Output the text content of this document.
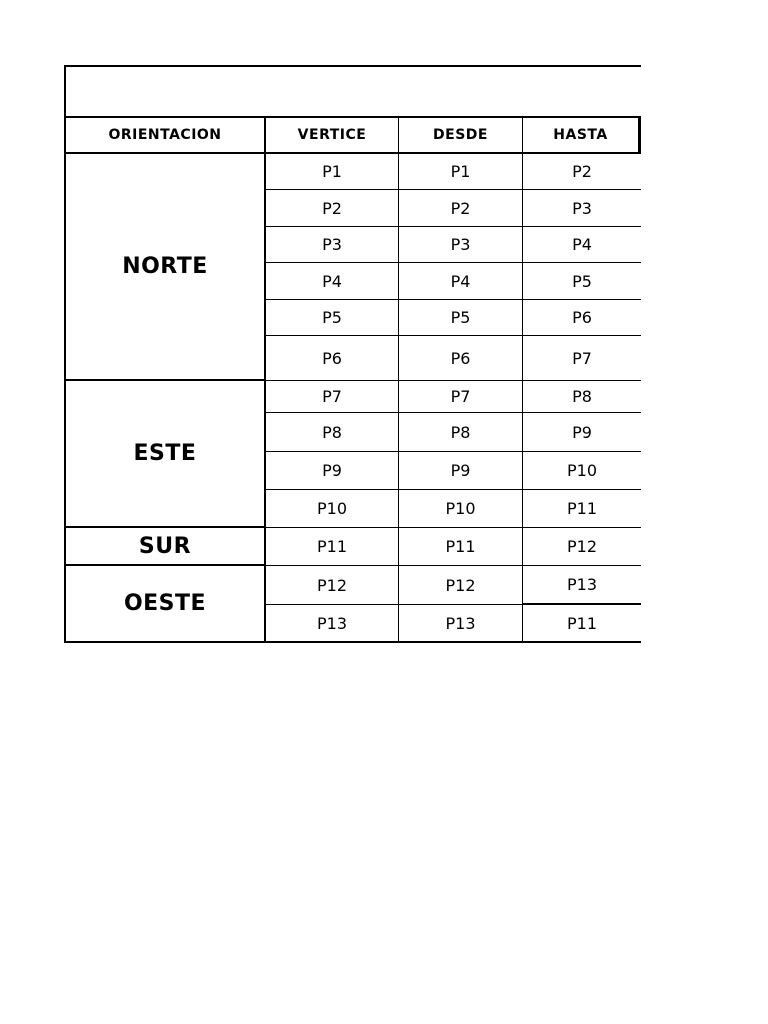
ORIENTACION	VERTICE	DESDE	HASTA
NORTE
P1	P1	P2
P2	P2	P3
P3	P3	P4
P4	P4	P5
P5	P5	P6
P6	P6	P7
ESTE
P7	P7	P8
P8	P8	P9
P9	P9	P10
P10	P10	P11
SUR	P11	P11	P12
OESTE
P12	P12	P13
P13	P13	P11
